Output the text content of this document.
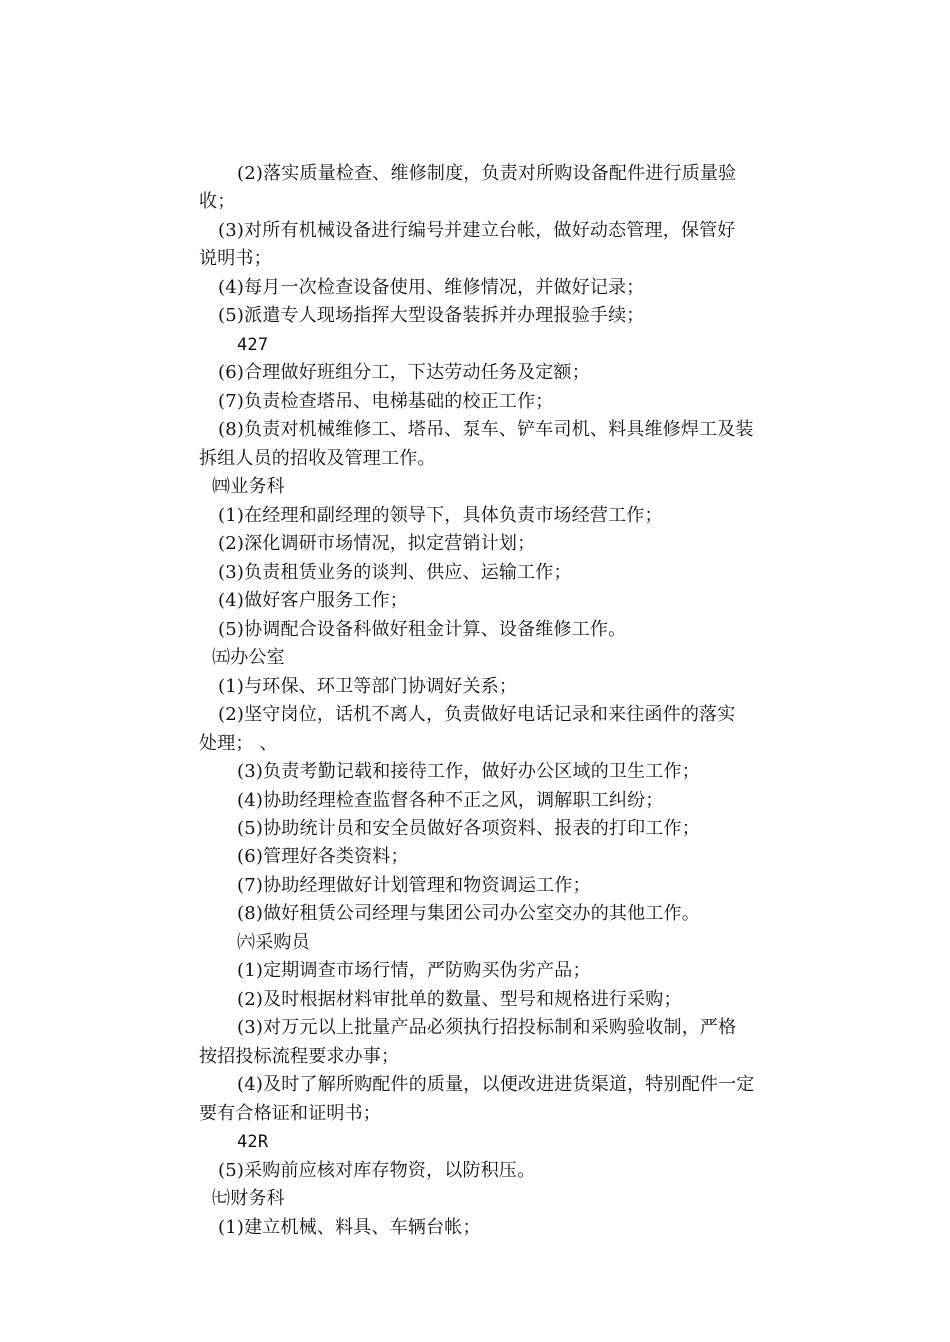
(2)落实质量检查、维修制度，负责对所购设备配件进行质量验
收；
(3)对所有机械设备进行编号并建立台帐，做好动态管理，保管好
说明书；
(4)每月一次检查设备使用、维修情况，并做好记录；
(5)派遣专人现场指挥大型设备装拆并办理报验手续；
427
(6)合理做好班组分工，下达劳动任务及定额；
(7)负责检查塔吊、电梯基础的校正工作；
(8)负责对机械维修工、塔吊、泵车、铲车司机、料具维修焊工及装
拆组人员的招收及管理工作。
㈣业务科
(1)在经理和副经理的领导下，具体负责市场经营工作；
(2)深化调研市场情况，拟定营销计划；
(3)负责租赁业务的谈判、供应、运输工作；
(4)做好客户服务工作；
(5)协调配合设备科做好租金计算、设备维修工作。
㈤办公室
(1)与环保、环卫等部门协调好关系；
(2)坚守岗位，话机不离人，负责做好电话记录和来往函件的落实
处理； 、
(3)负责考勤记载和接待工作，做好办公区域的卫生工作；
(4)协助经理检查监督各种不正之风，调解职工纠纷；
(5)协助统计员和安全员做好各项资料、报表的打印工作；
(6)管理好各类资料；
(7)协助经理做好计划管理和物资调运工作；
(8)做好租赁公司经理与集团公司办公室交办的其他工作。
㈥采购员
(1)定期调查市场行情，严防购买伪劣产品；
(2)及时根据材料审批单的数量、型号和规格进行采购；
(3)对万元以上批量产品必须执行招投标制和采购验收制，严格
按招投标流程要求办事；
(4)及时了解所购配件的质量，以便改进进货渠道，特别配件一定
要有合格证和证明书；
42R
(5)采购前应核对库存物资，以防积压。
㈦财务科
(1)建立机械、料具、车辆台帐；
